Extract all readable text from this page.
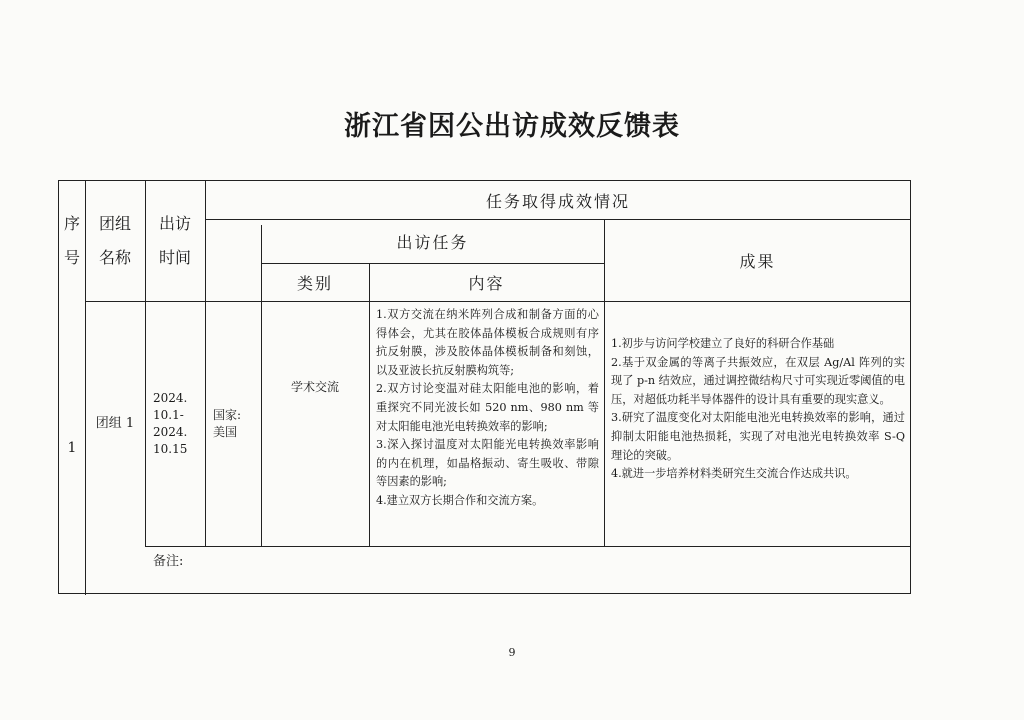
浙江省因公出访成效反馈表
序
号
团组
名称
出访
时间
任务取得成效情况
出访任务
类别	内容
成果
1
团组 1
2024.
10.1-
2024.
10.15
国家:
美国
学术交流
1.双方交流在纳米阵列合成和制备方面的心得体会，尤其在胶体晶体模板合成规则有序抗反射膜，涉及胶体晶体模板制备和刻蚀，以及亚波长抗反射膜构筑等;
2.双方讨论变温对硅太阳能电池的影响，着重探究不同光波长如 520 nm、980 nm 等对太阳能电池光电转换效率的影响;
3.深入探讨温度对太阳能光电转换效率影响的内在机理，如晶格振动、寄生吸收、带隙等因素的影响;
4.建立双方长期合作和交流方案。
1.初步与访问学校建立了良好的科研合作基础
2.基于双金属的等离子共振效应，在双层 Ag/Al 阵列的实现了 p-n 结效应，通过调控微结构尺寸可实现近零阈值的电压，对超低功耗半导体器件的设计具有重要的现实意义。
3.研究了温度变化对太阳能电池光电转换效率的影响，通过抑制太阳能电池热损耗，实现了对电池光电转换效率 S-Q 理论的突破。
4.就进一步培养材料类研究生交流合作达成共识。
备注:
9
